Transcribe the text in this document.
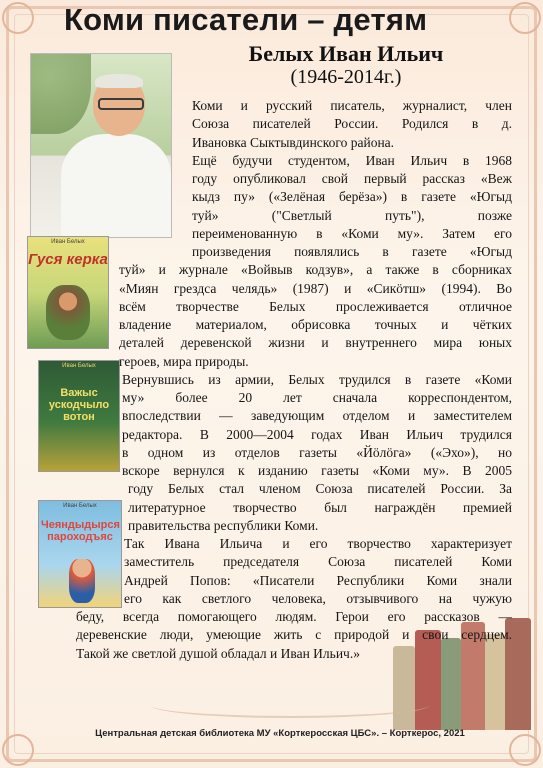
Коми писатели – детям
Белых Иван Ильич
(1946-2014г.)
Иван Белых
Гуся керка
Иван Белых
Важыс ускодчыло вотон
Иван Белых
Чеяндыдырся пароходъяс
Коми и русский писатель, журналист, член
Союза писателей России. Родился в д.
Ивановка Сыктывдинского района.
Ещё будучи студентом, Иван Ильич в 1968
году опубликовал свой первый рассказ «Веж
кыдз пу» («Зелёная берёза») в газете «Югыд
туй» ("Светлый путь"), позже
переименованную в «Коми му». Затем его
произведения появлялись в газете «Югыд
туй» и журнале «Войвыв кодзув», а также в сборниках
«Миян грездса челядь» (1987) и «Сикöтш» (1994). Во
всём творчестве Белых прослеживается отличное
владение материалом, обрисовка точных и чётких
деталей деревенской жизни и внутреннего мира юных
героев, мира природы.
Вернувшись из армии, Белых трудился в газете «Коми
му» более 20 лет сначала корреспондентом,
впоследствии — заведующим отделом и заместителем
редактора. В 2000—2004 годах Иван Ильич трудился
в одном из отделов газеты «Йöлöга» («Эхо»), но
вскоре вернулся к изданию газеты «Коми му». В 2005
году Белых стал членом Союза писателей России. За
литературное творчество был награждён премией
правительства республики Коми.
Так Ивана Ильича и его творчество характеризует
заместитель председателя Союза писателей Коми
Андрей Попов: «Писатели Республики Коми знали
его как светлого человека, отзывчивого на чужую
беду, всегда помогающего людям. Герои его рассказов —
деревенские люди, умеющие жить с природой и свои сердцем.
Такой же светлой душой обладал и Иван Ильич.»
Центральная детская библиотека МУ «Корткеросская ЦБС». – Корткерос, 2021
